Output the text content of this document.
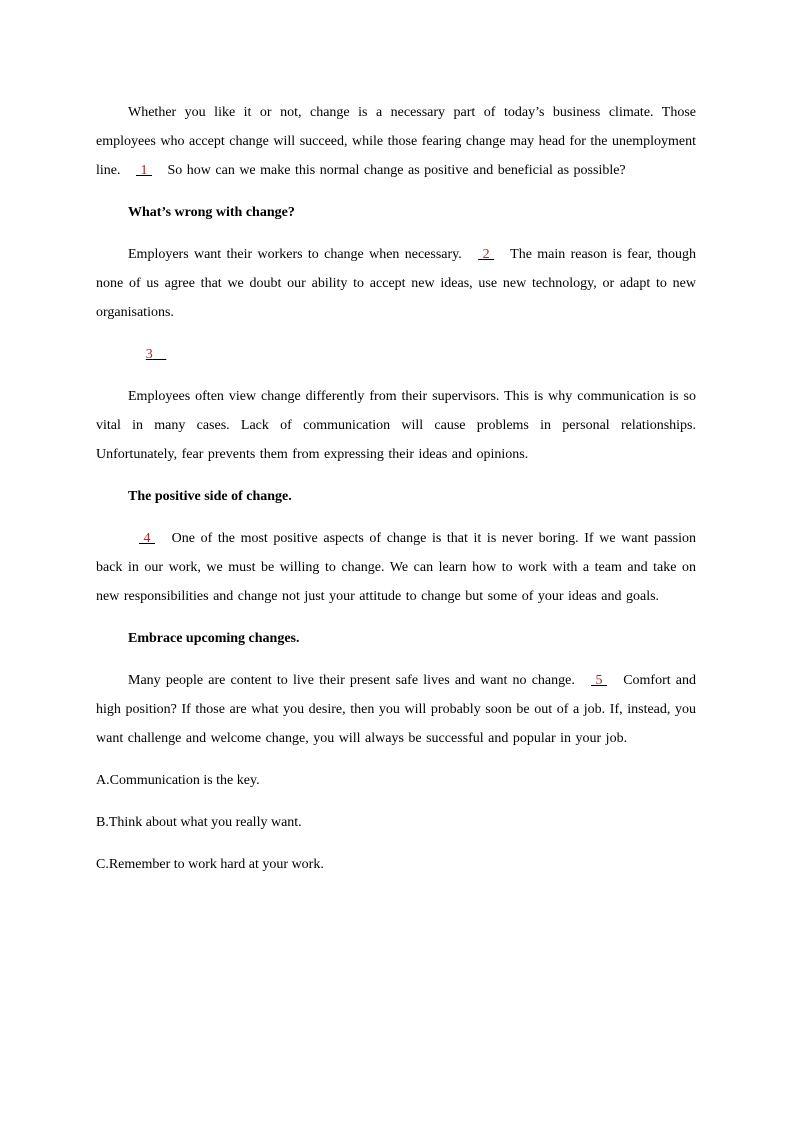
Whether you like it or not, change is a necessary part of today’s business climate. Those employees who accept change will succeed, while those fearing change may head for the unemployment line.  1  So how can we make this normal change as positive and beneficial as possible?

What’s wrong with change?

Employers want their workers to change when necessary.  2  The main reason is fear, though none of us agree that we doubt our ability to accept new ideas, use new technology, or adapt to new organisations.

3

Employees often view change differently from their supervisors. This is why communication is so vital in many cases. Lack of communication will cause problems in personal relationships. Unfortunately, fear prevents them from expressing their ideas and opinions.

The positive side of change.

4  One of the most positive aspects of change is that it is never boring. If we want passion back in our work, we must be willing to change. We can learn how to work with a team and take on new responsibilities and change not just your attitude to change but some of your ideas and goals.

Embrace upcoming changes.

Many people are content to live their present safe lives and want no change.  5  Comfort and high position? If those are what you desire, then you will probably soon be out of a job. If, instead, you want challenge and welcome change, you will always be successful and popular in your job.

A.Communication is the key.

B.Think about what you really want.

C.Remember to work hard at your work.
